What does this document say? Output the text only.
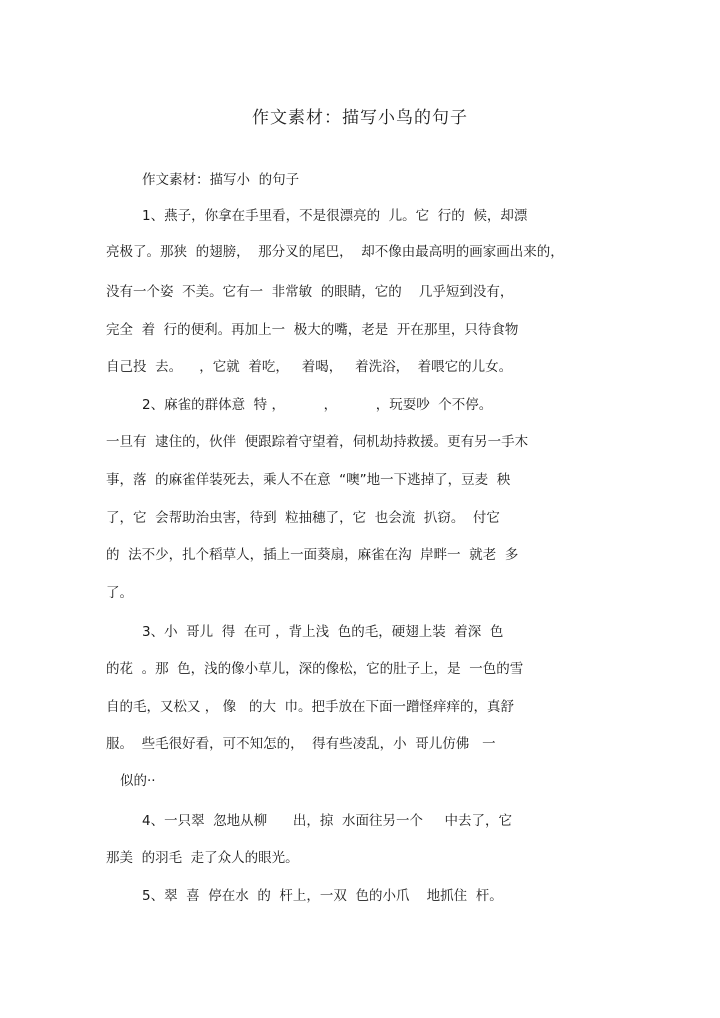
作文素材：描写小鸟的句子
作文素材：描写小  的句子
1、燕子，你拿在手里看，不是很漂亮的  儿。它  行的  候，却漂
亮极了。那狭  的翅膀，  那分叉的尾巴，  却不像由最高明的画家画出来的，
没有一个姿  不美。它有一  非常敏  的眼睛，它的    几乎短到没有，
完全  着  行的便利。再加上一  极大的嘴，老是  开在那里，只待食物
自己投  去。    ，它就  着吃，   着喝，   着洗浴，  着喂它的儿女。
2、麻雀的群体意  特 ，         ，         ，玩耍吵  个不停。
一旦有  逮住的，伙伴  便跟踪着守望着，伺机劫持救援。更有另一手木
事，落  的麻雀佯装死去，乘人不在意  “噢”地一下逃掉了，豆麦  秧
了，它  会帮助治虫害，待到  粒抽穗了，它  也会流  扒窃。  付它
的  法不少，扎个稻草人，插上一面葵扇，麻雀在沟  岸畔一  就老  多
了。
3、小  哥儿  得  在可 ，背上浅  色的毛，硬翅上装  着深  色
的花  。那  色，浅的像小草儿，深的像松，它的肚子上，是  一色的雪
自的毛，又松又 ， 像   的大  巾。把手放在下面一蹭怪痒痒的，真舒
服。  些毛很好看，可不知怎的，  得有些凌乱，小  哥儿仿佛   一
似的··
4、一只翠  忽地从柳      出，掠  水面往另一个     中去了，它
那美  的羽毛  走了众人的眼光。
5、翠  喜  停在水  的  杆上，一双  色的小爪    地抓住  杆。
